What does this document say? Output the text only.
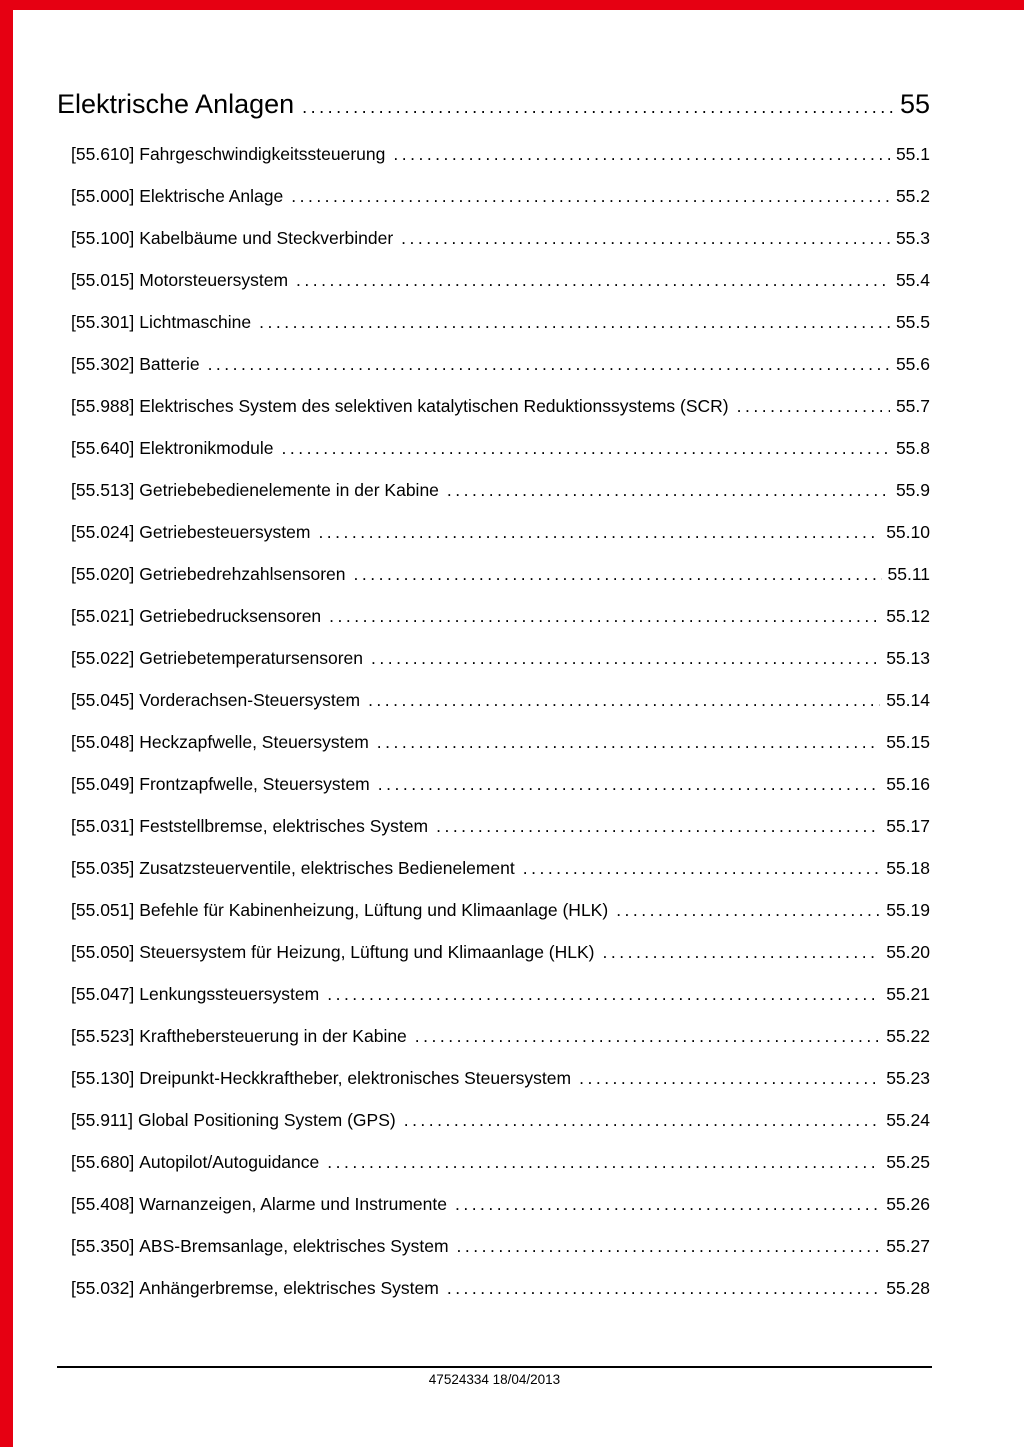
Elektrische Anlagen .....	55
[55.610] Fahrgeschwindigkeitssteuerung .....	55.1
[55.000] Elektrische Anlage .....	55.2
[55.100] Kabelbäume und Steckverbinder .....	55.3
[55.015] Motorsteuersystem .....	55.4
[55.301] Lichtmaschine .....	55.5
[55.302] Batterie .....	55.6
[55.988] Elektrisches System des selektiven katalytischen Reduktionssystems (SCR) .....	55.7
[55.640] Elektronikmodule .....	55.8
[55.513] Getriebebedienelemente in der Kabine .....	55.9
[55.024] Getriebesteuersystem .....	55.10
[55.020] Getriebedrehzahlsensoren .....	55.11
[55.021] Getriebedrucksensoren .....	55.12
[55.022] Getriebetemperatursensoren .....	55.13
[55.045] Vorderachsen-Steuersystem .....	55.14
[55.048] Heckzapfwelle, Steuersystem .....	55.15
[55.049] Frontzapfwelle, Steuersystem .....	55.16
[55.031] Feststellbremse, elektrisches System .....	55.17
[55.035] Zusatzsteuerventile, elektrisches Bedienelement .....	55.18
[55.051] Befehle für Kabinenheizung, Lüftung und Klimaanlage (HLK) .....	55.19
[55.050] Steuersystem für Heizung, Lüftung und Klimaanlage (HLK) .....	55.20
[55.047] Lenkungssteuersystem .....	55.21
[55.523] Krafthebersteuerung in der Kabine .....	55.22
[55.130] Dreipunkt-Heckkraftheber, elektronisches Steuersystem .....	55.23
[55.911] Global Positioning System (GPS) .....	55.24
[55.680] Autopilot/Autoguidance .....	55.25
[55.408] Warnanzeigen, Alarme und Instrumente .....	55.26
[55.350] ABS-Bremsanlage, elektrisches System .....	55.27
[55.032] Anhängerbremse, elektrisches System .....	55.28
47524334 18/04/2013
